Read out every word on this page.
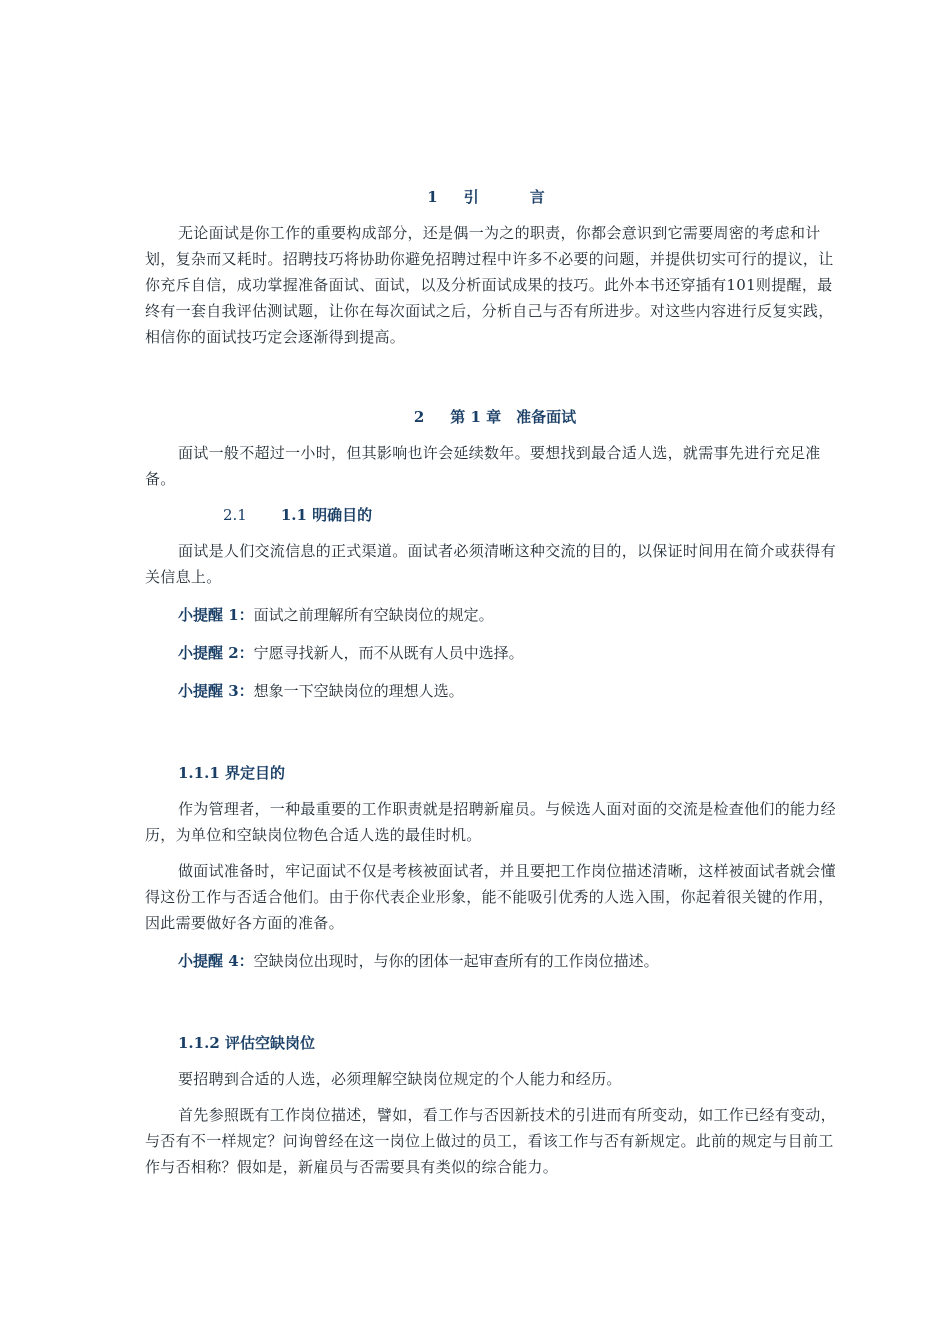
1 引　言

无论面试是你工作的重要构成部分，还是偶一为之的职责，你都会意识到它需要周密的考虑和计划，复杂而又耗时。招聘技巧将协助你避免招聘过程中许多不必要的问题，并提供切实可行的提议，让你充斥自信，成功掌握准备面试、面试，以及分析面试成果的技巧。此外本书还穿插有101则提醒，最终有一套自我评估测试题，让你在每次面试之后，分析自己与否有所进步。对这些内容进行反复实践，相信你的面试技巧定会逐渐得到提高。

2 第 1 章　准备面试

面试一般不超过一小时，但其影响也许会延续数年。要想找到最合适人选，就需事先进行充足准备。

2.1 1.1 明确目的

面试是人们交流信息的正式渠道。面试者必须清晰这种交流的目的，以保证时间用在简介或获得有关信息上。

小提醒 1：面试之前理解所有空缺岗位的规定。

小提醒 2：宁愿寻找新人，而不从既有人员中选择。

小提醒 3：想象一下空缺岗位的理想人选。

1.1.1 界定目的

作为管理者，一种最重要的工作职责就是招聘新雇员。与候选人面对面的交流是检查他们的能力经历，为单位和空缺岗位物色合适人选的最佳时机。

做面试准备时，牢记面试不仅是考核被面试者，并且要把工作岗位描述清晰，这样被面试者就会懂得这份工作与否适合他们。由于你代表企业形象，能不能吸引优秀的人选入围，你起着很关键的作用，因此需要做好各方面的准备。

小提醒 4：空缺岗位出现时，与你的团体一起审查所有的工作岗位描述。

1.1.2 评估空缺岗位

要招聘到合适的人选，必须理解空缺岗位规定的个人能力和经历。

首先参照既有工作岗位描述，譬如，看工作与否因新技术的引进而有所变动，如工作已经有变动，与否有不一样规定？问询曾经在这一岗位上做过的员工，看该工作与否有新规定。此前的规定与目前工作与否相称？假如是，新雇员与否需要具有类似的综合能力。
